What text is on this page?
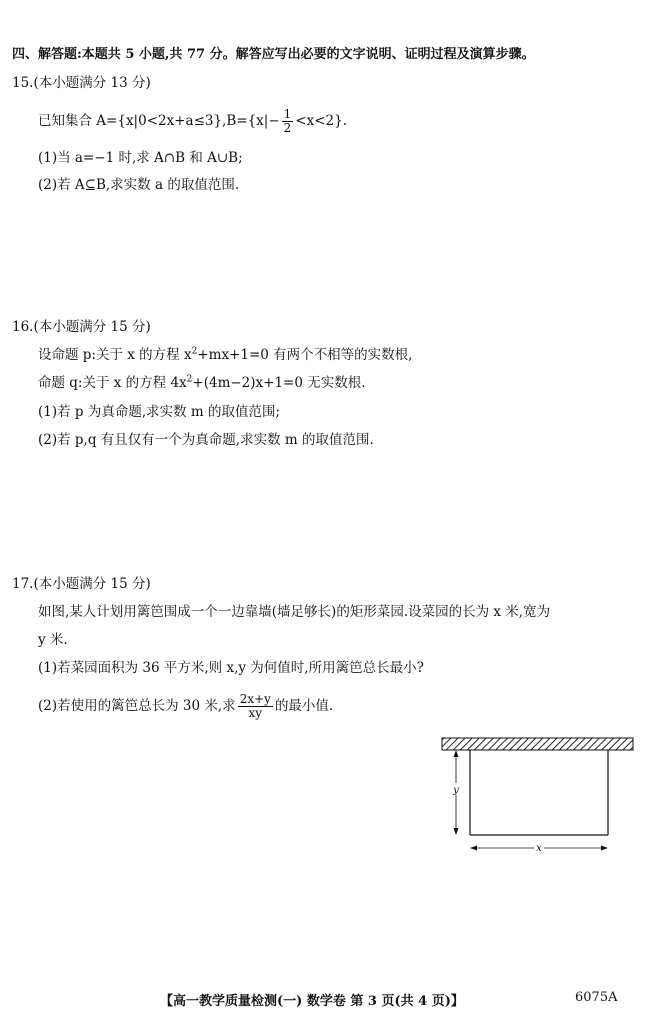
四、解答题:本题共 5 小题,共 77 分。解答应写出必要的文字说明、证明过程及演算步骤。
15.(本小题满分 13 分)
已知集合 $A=\{x|0<2x+a\le 3\},B=\{x|- \frac{1}{2} <x<2\}$.
(1)当 a=−1 时,求 A∩B 和 A∪B;
(2)若 A⊆B,求实数 a 的取值范围.
16.(本小题满分 15 分)
设命题 p:关于 x 的方程 $x^2+mx+1=0$ 有两个不相等的实数根,
命题 q:关于 x 的方程 $4x^2+(4m-2)x+1=0$ 无实数根.
(1)若 p 为真命题,求实数 m 的取值范围;
(2)若 p,q 有且仅有一个为真命题,求实数 m 的取值范围.
17.(本小题满分 15 分)
如图,某人计划用篱笆围成一个一边靠墙(墙足够长)的矩形菜园.设菜园的长为 x 米,宽为
y 米.
(1)若菜园面积为 36 平方米,则 x,y 为何值时,所用篱笆总长最小?
(2)若使用的篱笆总长为 30 米,求 $\frac{2x+y}{xy}$ 的最小值.
y
x
【高一教学质量检测(一) 数学卷 第 3 页(共 4 页)】	6075A
